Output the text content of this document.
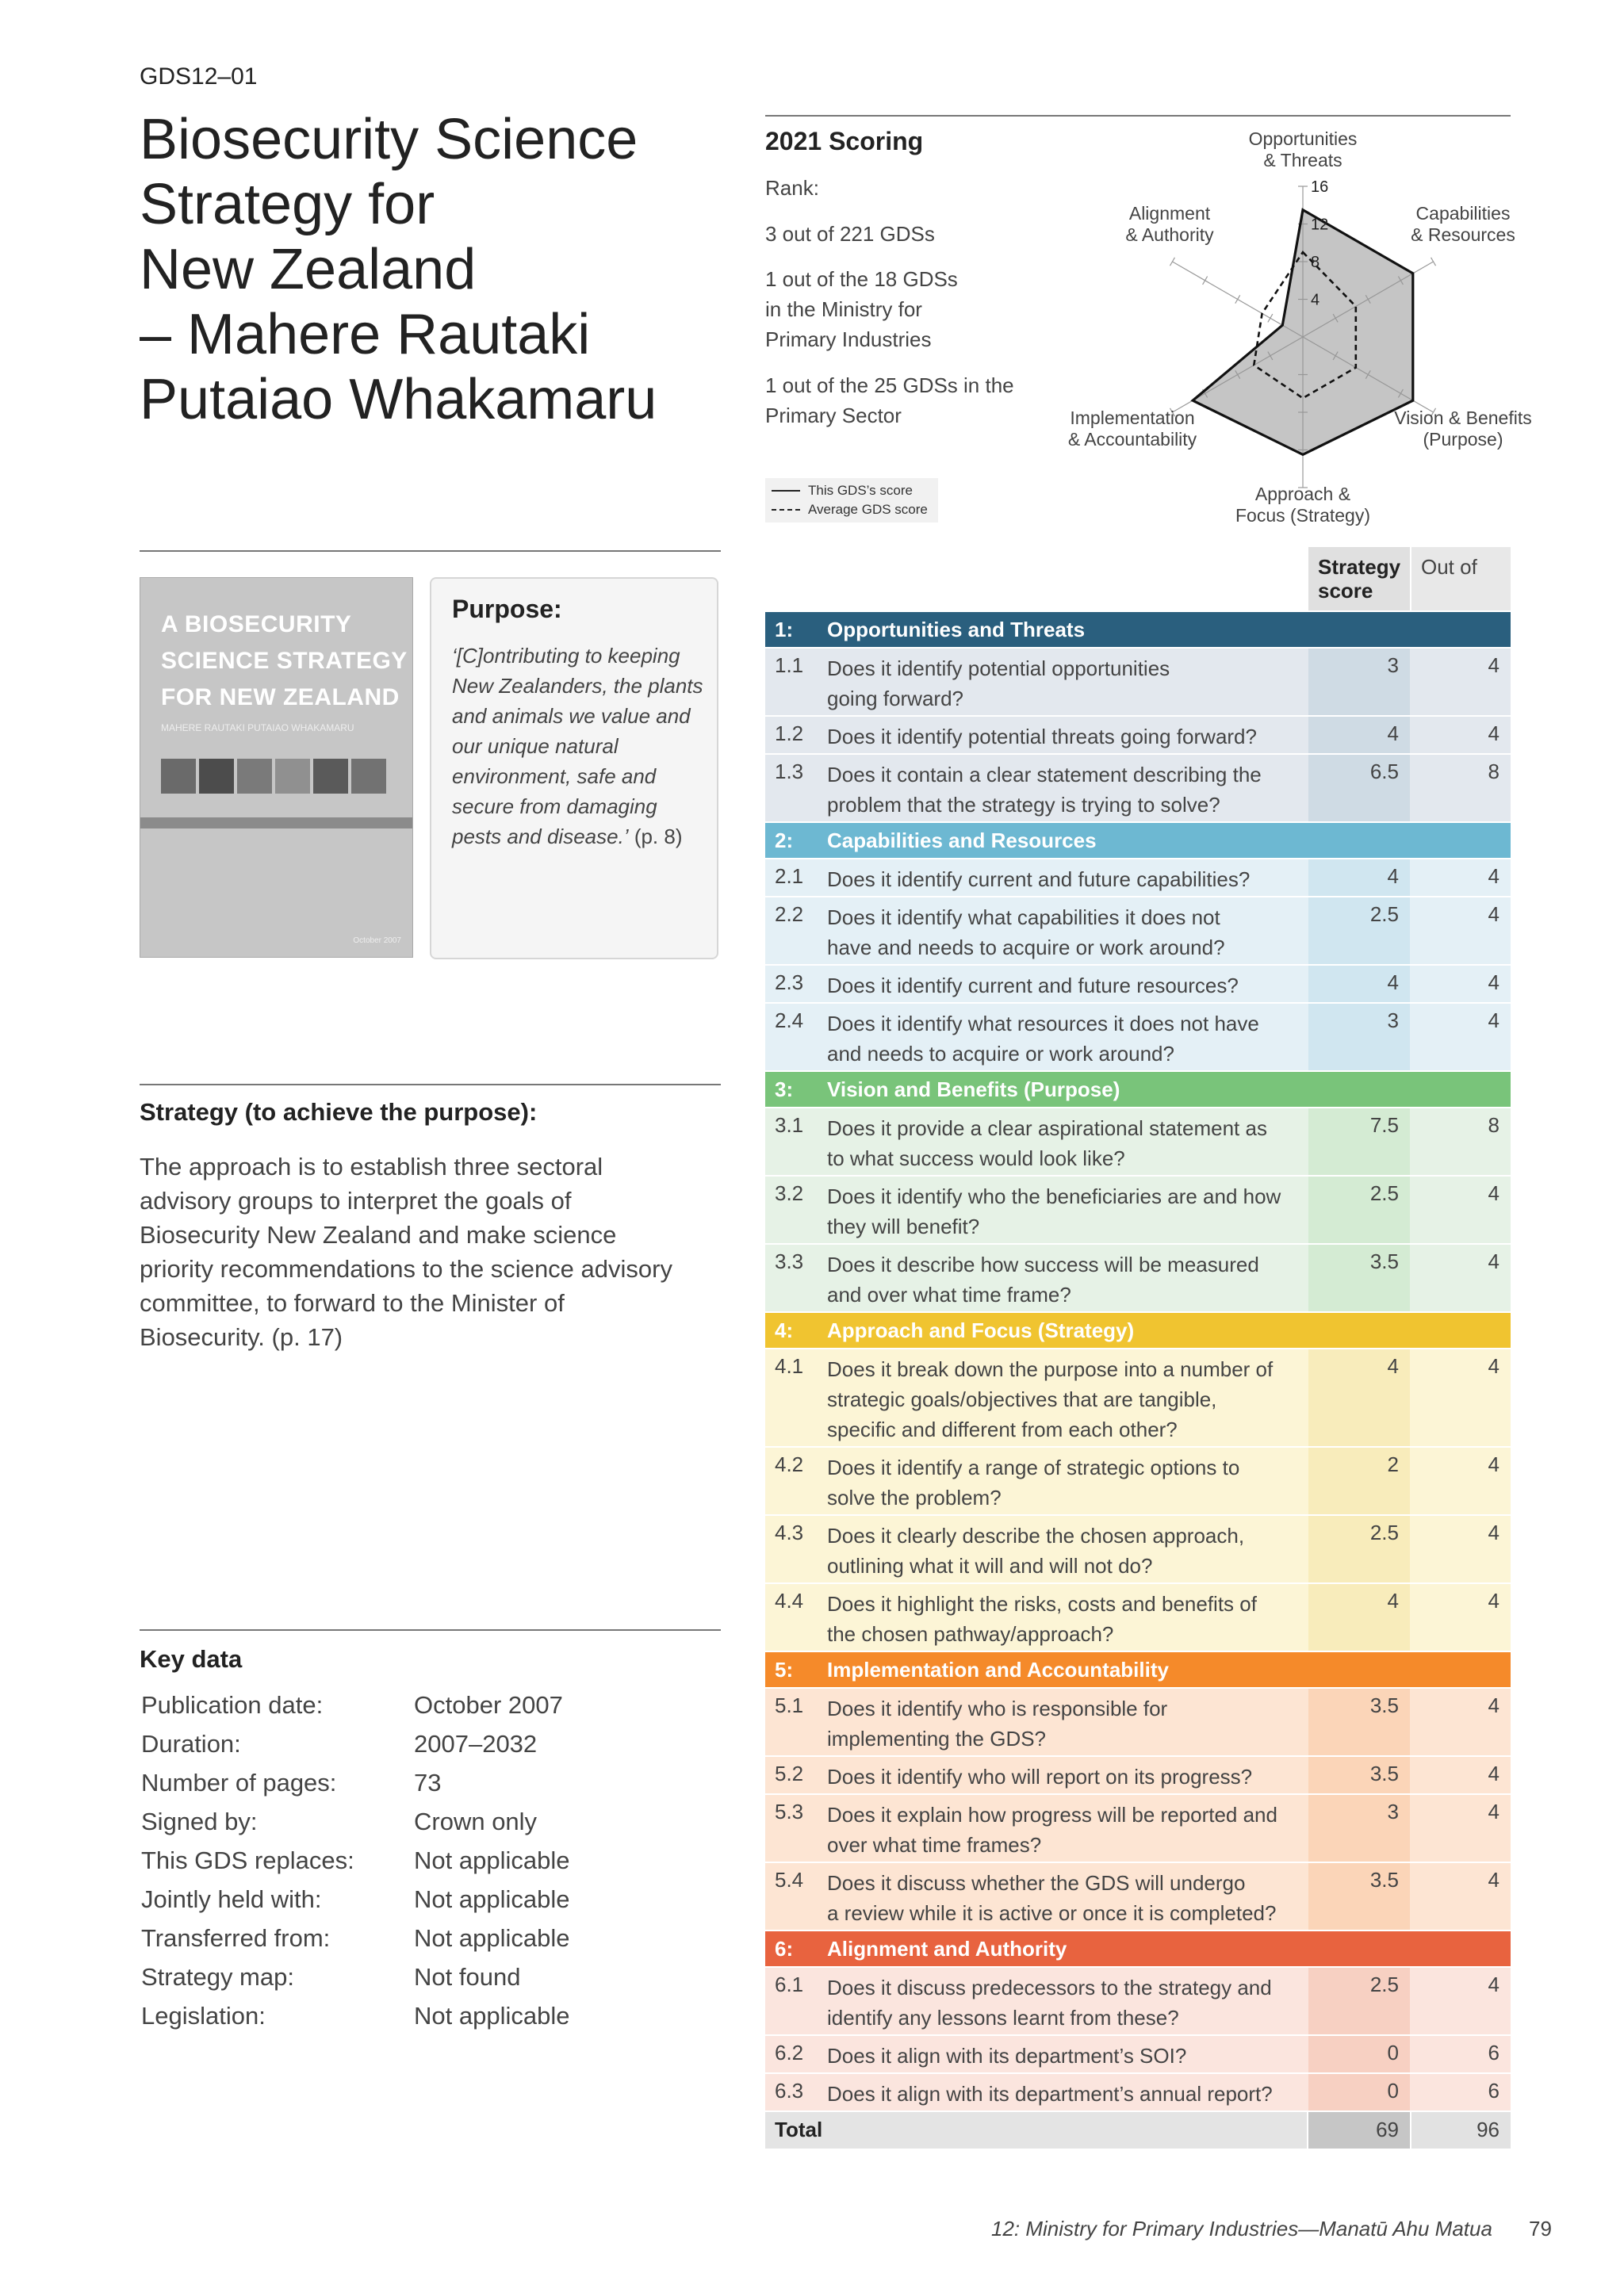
GDS12–01
Biosecurity Science
Strategy for
New Zealand
– Mahere Rautaki
Putaiao Whakamaru
2021 Scoring
Rank:
3 out of 221 GDSs
1 out of the 18 GDSs
in the Ministry for
Primary Industries
1 out of the 25 GDSs in the
Primary Sector
4
8
12
16
Opportunities & Threats
Capabilities & Resources
Vision & Benefits (Purpose)
Approach & Focus (Strategy)
Implementation & Accountability
Alignment & Authority
This GDS’s score
Average GDS score
A BIOSECURITY
SCIENCE STRATEGY
FOR NEW ZEALAND
MAHERE RAUTAKI PUTAIAO WHAKAMARU
October 2007
Purpose:
‘[C]ontributing to keeping New Zealanders, the plants and animals we value and our unique natural environment, safe and secure from damaging pests and disease.’ (p. 8)
Strategy (to achieve the purpose):
The approach is to establish three sectoral advisory groups to interpret the goals of Biosecurity New Zealand and make science priority recommendations to the science advisory committee, to forward to the Minister of Biosecurity. (p. 17)
Key data
Publication date:	October 2007
Duration:	2007–2032
Number of pages:	73
Signed by:	Crown only
This GDS replaces: Not applicable
Jointly held with:	Not applicable
Transferred from:	Not applicable
Strategy map:	Not found
Legislation:	Not applicable
Strategy
score
Out of
1: Opportunities and Threats
1.1 Does it identify potential opportunities
going forward?
3	4
1.2 Does it identify potential threats going forward?	4	4
1.3 Does it contain a clear statement describing the
problem that the strategy is trying to solve?
6.5	8
2: Capabilities and Resources
2.1 Does it identify current and future capabilities?	4	4
2.2 Does it identify what capabilities it does not
have and needs to acquire or work around?
2.5	4
2.3 Does it identify current and future resources?	4	4
2.4 Does it identify what resources it does not have
and needs to acquire or work around?
3	4
3: Vision and Benefits (Purpose)
3.1 Does it provide a clear aspirational statement as
to what success would look like?
7.5	8
3.2 Does it identify who the beneficiaries are and how
they will benefit?
2.5	4
3.3 Does it describe how success will be measured
and over what time frame?
3.5	4
4: Approach and Focus (Strategy)
4.1 Does it break down the purpose into a number of
strategic goals/objectives that are tangible,
specific and different from each other?
4	4
4.2 Does it identify a range of strategic options to
solve the problem?
2	4
4.3 Does it clearly describe the chosen approach,
outlining what it will and will not do?
2.5	4
4.4 Does it highlight the risks, costs and benefits of
the chosen pathway/approach?
4	4
5: Implementation and Accountability
5.1 Does it identify who is responsible for
implementing the GDS?
3.5	4
5.2 Does it identify who will report on its progress?	3.5	4
5.3 Does it explain how progress will be reported and
over what time frames?
3	4
5.4 Does it discuss whether the GDS will undergo
a review while it is active or once it is completed?
3.5	4
6: Alignment and Authority
6.1 Does it discuss predecessors to the strategy and
identify any lessons learnt from these?
2.5	4
6.2 Does it align with its department’s SOI?	0	6
6.3 Does it align with its department’s annual report?	0	6
Total	69	96
12: Ministry for Primary Industries—Manatū Ahu Matua 79
